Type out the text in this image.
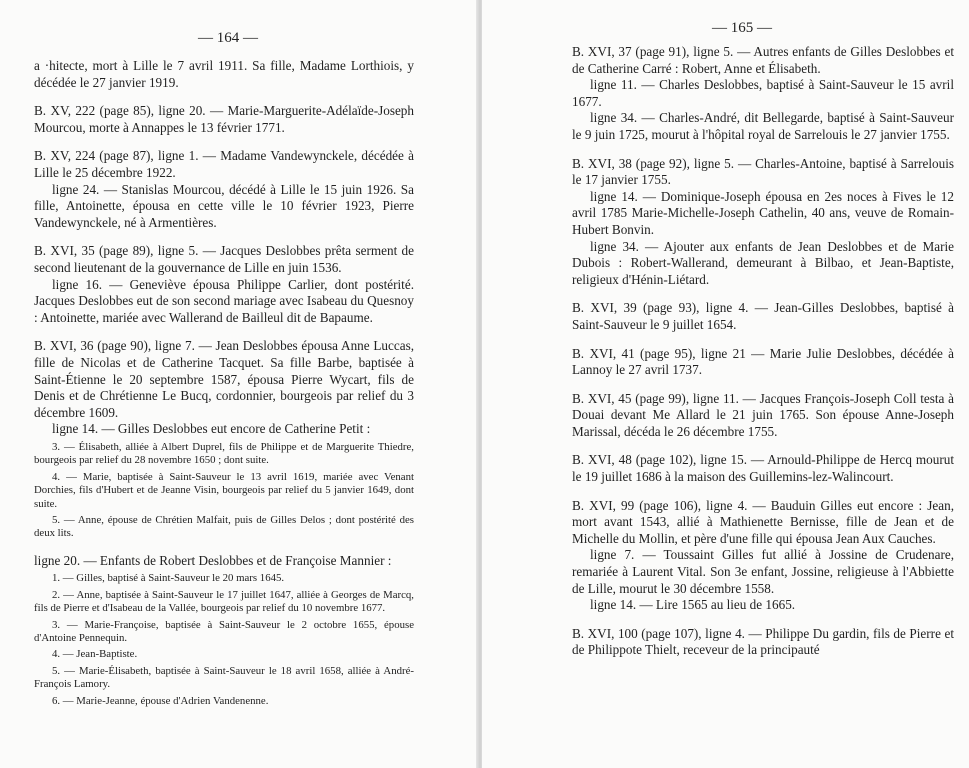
— 164 —

a ·hitecte, mort à Lille le 7 avril 1911. Sa fille, Madame Lorthiois, y décédée le 27 janvier 1919.

B. XV, 222 (page 85), ligne 20. — Marie-Marguerite-Adélaïde-Joseph Mourcou, morte à Annappes le 13 février 1771.

B. XV, 224 (page 87), ligne 1. — Madame Vandewynckele, décédée à Lille le 25 décembre 1922.

ligne 24. — Stanislas Mourcou, décédé à Lille le 15 juin 1926. Sa fille, Antoinette, épousa en cette ville le 10 février 1923, Pierre Vandewynckele, né à Armentières.

B. XVI, 35 (page 89), ligne 5. — Jacques Deslobbes prêta serment de second lieutenant de la gouvernance de Lille en juin 1536.

ligne 16. — Geneviève épousa Philippe Carlier, dont postérité. Jacques Deslobbes eut de son second mariage avec Isabeau du Quesnoy : Antoinette, mariée avec Wallerand de Bailleul dit de Bapaume.

B. XVI, 36 (page 90), ligne 7. — Jean Deslobbes épousa Anne Luccas, fille de Nicolas et de Catherine Tacquet. Sa fille Barbe, baptisée à Saint-Étienne le 20 septembre 1587, épousa Pierre Wycart, fils de Denis et de Chrétienne Le Bucq, cordonnier, bourgeois par relief du 3 décembre 1609.

ligne 14. — Gilles Deslobbes eut encore de Catherine Petit :

3. — Élisabeth, alliée à Albert Duprel, fils de Philippe et de Marguerite Thiedre, bourgeois par relief du 28 novembre 1650 ; dont suite.

4. — Marie, baptisée à Saint-Sauveur le 13 avril 1619, mariée avec Venant Dorchies, fils d'Hubert et de Jeanne Visin, bourgeois par relief du 5 janvier 1649, dont suite.

5. — Anne, épouse de Chrétien Malfait, puis de Gilles Delos ; dont postérité des deux lits.

ligne 20. — Enfants de Robert Deslobbes et de Françoise Mannier :

1. — Gilles, baptisé à Saint-Sauveur le 20 mars 1645.

2. — Anne, baptisée à Saint-Sauveur le 17 juillet 1647, alliée à Georges de Marcq, fils de Pierre et d'Isabeau de la Vallée, bourgeois par relief du 10 novembre 1677.

3. — Marie-Françoise, baptisée à Saint-Sauveur le 2 octobre 1655, épouse d'Antoine Pennequin.

4. — Jean-Baptiste.

5. — Marie-Élisabeth, baptisée à Saint-Sauveur le 18 avril 1658, alliée à André-François Lamory.

6. — Marie-Jeanne, épouse d'Adrien Vandenenne.

— 165 —

B. XVI, 37 (page 91), ligne 5. — Autres enfants de Gilles Deslobbes et de Catherine Carré : Robert, Anne et Élisabeth.

ligne 11. — Charles Deslobbes, baptisé à Saint-Sauveur le 15 avril 1677.

ligne 34. — Charles-André, dit Bellegarde, baptisé à Saint-Sauveur le 9 juin 1725, mourut à l'hôpital royal de Sarrelouis le 27 janvier 1755.

B. XVI, 38 (page 92), ligne 5. — Charles-Antoine, baptisé à Sarrelouis le 17 janvier 1755.

ligne 14. — Dominique-Joseph épousa en 2es noces à Fives le 12 avril 1785 Marie-Michelle-Joseph Cathelin, 40 ans, veuve de Romain-Hubert Bonvin.

ligne 34. — Ajouter aux enfants de Jean Deslobbes et de Marie Dubois : Robert-Wallerand, demeurant à Bilbao, et Jean-Baptiste, religieux d'Hénin-Liétard.

B. XVI, 39 (page 93), ligne 4. — Jean-Gilles Deslobbes, baptisé à Saint-Sauveur le 9 juillet 1654.

B. XVI, 41 (page 95), ligne 21 — Marie Julie Deslobbes, décédée à Lannoy le 27 avril 1737.

B. XVI, 45 (page 99), ligne 11. — Jacques François-Joseph Coll testa à Douai devant Me Allard le 21 juin 1765. Son épouse Anne-Joseph Marissal, décéda le 26 décembre 1755.

B. XVI, 48 (page 102), ligne 15. — Arnould-Philippe de Hercq mourut le 19 juillet 1686 à la maison des Guillemins-lez-Walincourt.

B. XVI, 99 (page 106), ligne 4. — Bauduin Gilles eut encore : Jean, mort avant 1543, allié à Mathienette Bernisse, fille de Jean et de Michelle du Mollin, et père d'une fille qui épousa Jean Aux Cauches.

ligne 7. — Toussaint Gilles fut allié à Jossine de Crudenare, remariée à Laurent Vital. Son 3e enfant, Jossine, religieuse à l'Abbiette de Lille, mourut le 30 décembre 1558.

ligne 14. — Lire 1565 au lieu de 1665.

B. XVI, 100 (page 107), ligne 4. — Philippe Du gardin, fils de Pierre et de Philippote Thielt, receveur de la principauté
